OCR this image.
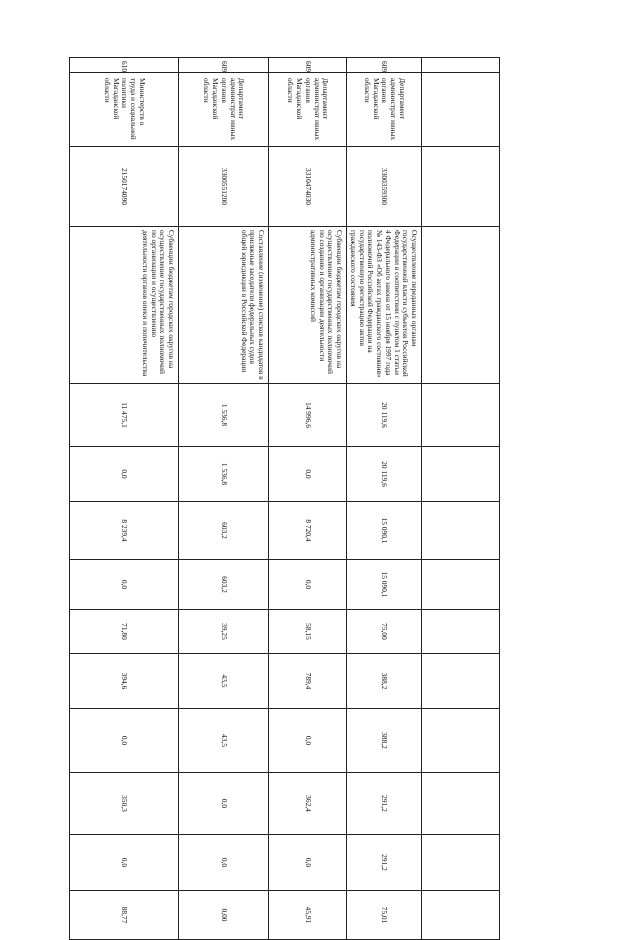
609	Департамент администрат ивных органов Магаданской области	3300359300	Осуществление переданных органам государственной власти субъектов Российской Федерации в соответствии с пунктом 1 статьи 4 Федерального закона от 15 ноября 1997 года № 143-ФЗ «Об актах гражданского состояния» полномочий Российской Федерации на государственную регистрацию актов гражданского состояния	20 119,6	20 119,6	15 090,1	15 090,1	75,00	388,2	388,2	291,2	291,2	75,01
609	Департамент администрат ивных органов Магаданской области	3310474030	Субвенции бюджетам городских округов на осуществление государственных полномочий по созданию и организации деятельности административных комиссий	14 996,6	0,0	8 720,4	0,0	58,15	789,4	0,0	362,4	0,0	45,91
609	Департамент администрат ивных органов Магаданской области	3300551200	Составление (изменение) списков кандидатов в присяжные заседатели федеральных судов общей юрисдикции в Российской Федерации	1 536,8	1 536,8	603,2	603,2	39,25	43,5	43,5	0,0	0,0	0,00
610	Министерств о труда и социальной политики Магаданской области	2150174090	Субвенции бюджетам городских округов на осуществление государственных полномочий по организации и осуществлению деятельности органов опеки и попечительства	11 475,1	0,0	8 239,4	0,0	71,80	394,6	0,0	350,3	0,0	88,77
